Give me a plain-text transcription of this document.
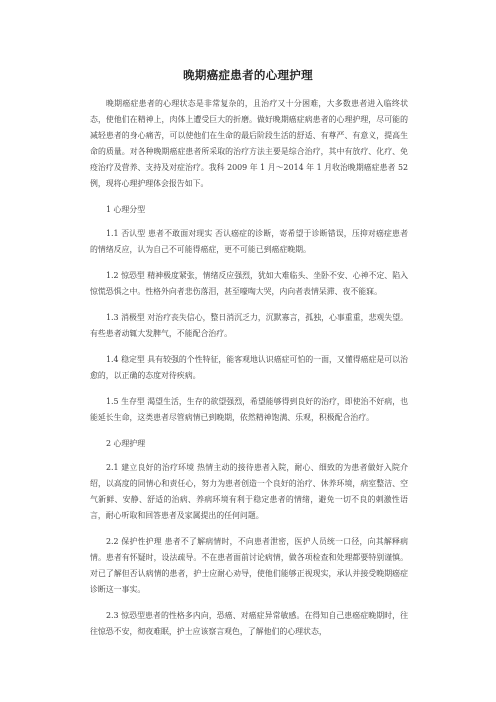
晚期癌症患者的心理护理

晚期癌症患者的心理状态是非常复杂的，且治疗又十分困难，大多数患者进入临终状态，使他们在精神上，肉体上遭受巨大的折磨。做好晚期癌症病患者的心理护理，尽可能的减轻患者的身心痛苦，可以使他们在生命的最后阶段生活的舒适、有尊严、有意义，提高生命的质量。对各种晚期癌症患者所采取的治疗方法主要是综合治疗，其中有放疗、化疗、免疫治疗及营养、支持及对症治疗。我科 2009 年 1 月～2014 年 1 月收治晚期癌症患者 52 例，现将心理护理体会报告如下。

1 心理分型

1.1 否认型 患者不敢面对现实 否认癌症的诊断，寄希望于诊断错误，压抑对癌症患者的情绪反应，认为自己不可能得癌症，更不可能已到癌症晚期。

1.2 惊恐型 精神极度紧张，情绪反应强烈，犹如大难临头、坐卧不安、心神不定、陷入惊慌恐惧之中。性格外向者悲伤落泪，甚至嚎啕大哭，内向者表情呆滞、夜不能寐。

1.3 消极型 对治疗丧失信心，整日消沉乏力，沉默寡言，孤独，心事重重，悲观失望。有些患者动辄大发脾气，不能配合治疗。

1.4 稳定型 具有较强的个性特征，能客观地认识癌症可怕的一面，又懂得癌症是可以治愈的，以正确的态度对待疾病。

1.5 生存型 渴望生活，生存的欲望强烈，希望能够得到良好的治疗，即使治不好病，也能延长生命，这类患者尽管病情已到晚期，依然精神饱满、乐观，积极配合治疗。

2 心理护理

2.1 建立良好的治疗环境 热情主动的接待患者入院，耐心、细致的为患者做好入院介绍，以高度的同情心和责任心，努力为患者创造一个良好的治疗、休养环境，病室整洁、空气新鲜、安静、舒适的治病、养病环境有利于稳定患者的情绪，避免一切不良的刺激性语言，耐心听取和回答患者及家属提出的任何问题。

2.2 保护性护理 患者不了解病情时，不向患者泄密，医护人员统一口径，向其解释病情。患者有怀疑时，设法疏导。不在患者面前讨论病情，做各项检查和处理都要特别谨慎。对已了解但否认病情的患者，护士应耐心劝导，使他们能够正视现实，承认并接受晚期癌症诊断这一事实。

2.3 惊恐型患者的性格多内向，恐癌、对癌症异常敏感。在得知自己患癌症晚期时，往往惊恐不安，彻夜难眠，护士应该察言观色，了解他们的心理状态，
